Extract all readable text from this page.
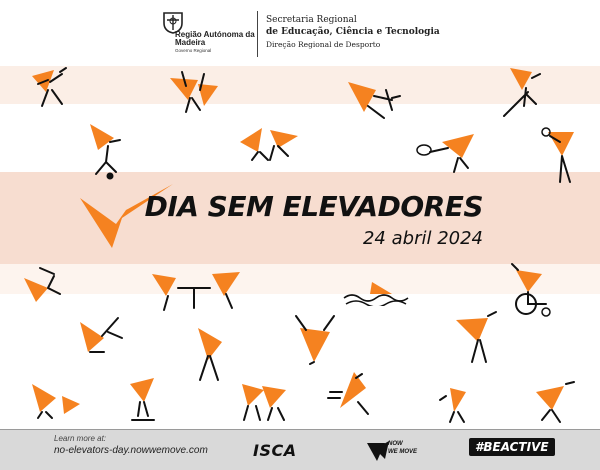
Região Autónoma da Madeira
Governo Regional
Secretaria Regional
de Educação, Ciência e Tecnologia
Direção Regional de Desporto
DIA SEM ELEVADORES
24 abril 2024
Learn more at:
no-elevators-day.nowwemove.com	ISCA	NOW
WE MOVE	#BEACTIVE
